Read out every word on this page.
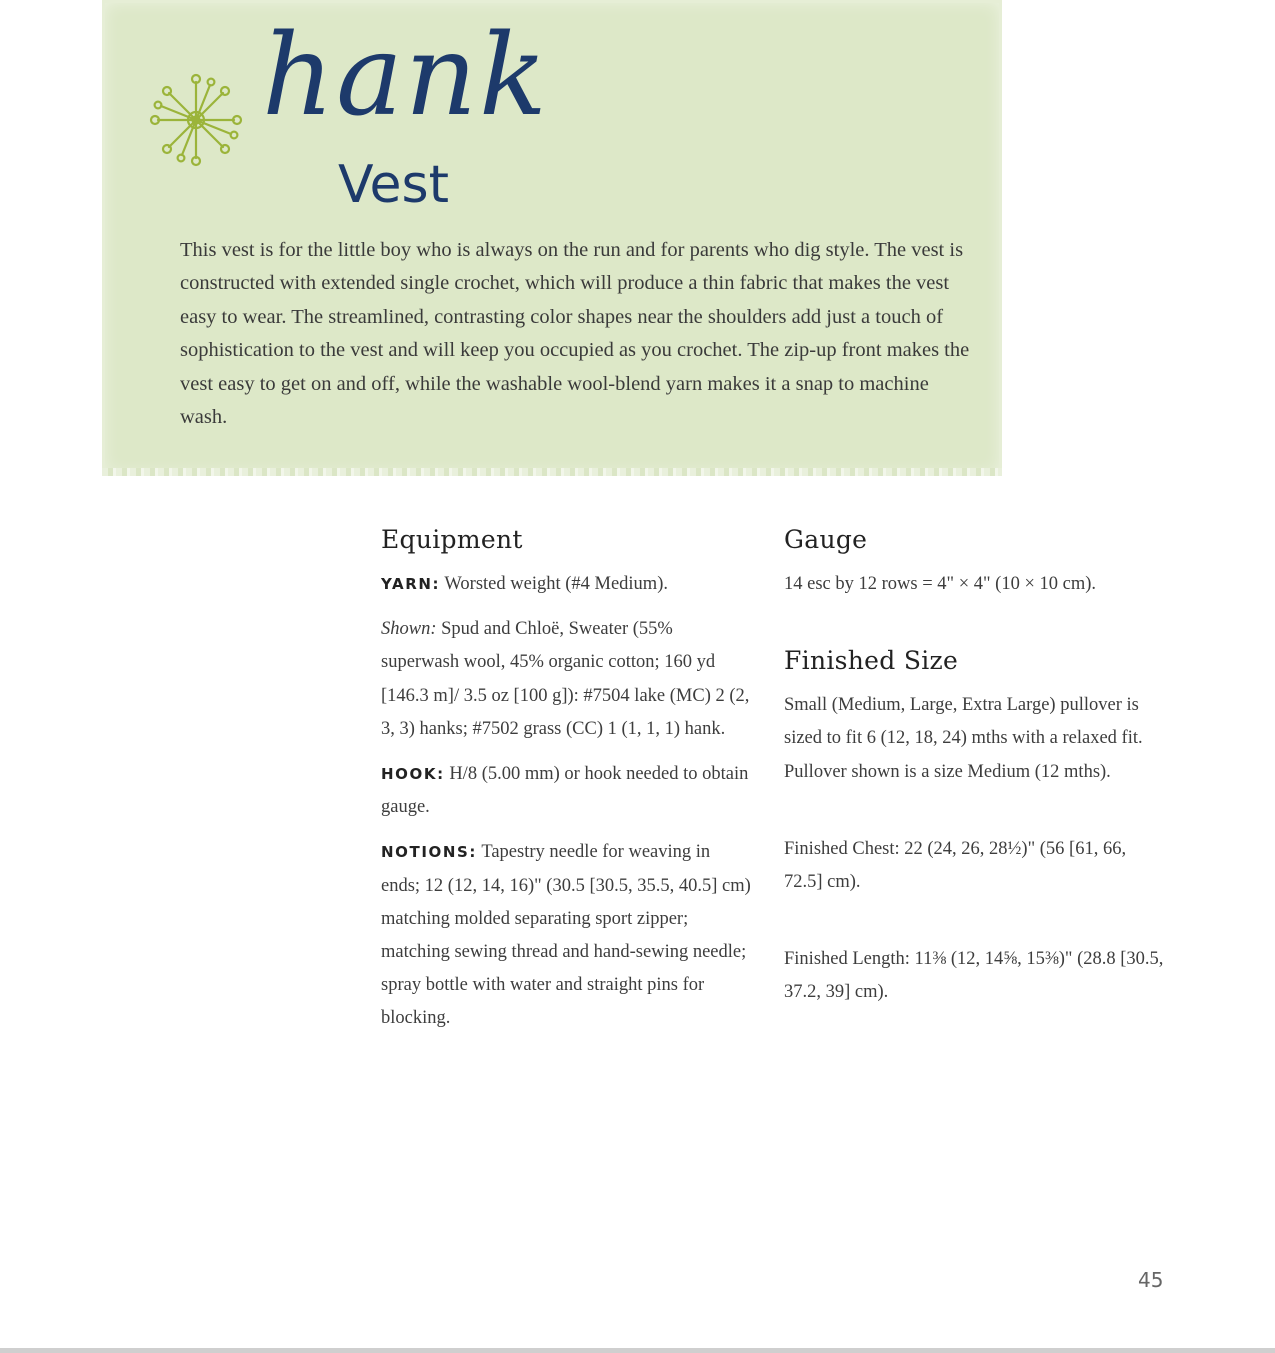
hank
Vest

This vest is for the little boy who is always on the run and for parents who dig style. The vest is constructed with extended single crochet, which will produce a thin fabric that makes the vest easy to wear. The streamlined, contrasting color shapes near the shoulders add just a touch of sophistication to the vest and will keep you occupied as you crochet. The zip-up front makes the vest easy to get on and off, while the washable wool-blend yarn makes it a snap to machine wash.

Equipment

YARN: Worsted weight (#4 Medium).

Shown: Spud and Chloë, Sweater (55% superwash wool, 45% organic cotton; 160 yd [146.3 m]/ 3.5 oz [100 g]): #7504 lake (MC) 2 (2, 3, 3) hanks; #7502 grass (CC) 1 (1, 1, 1) hank.

HOOK: H/8 (5.00 mm) or hook needed to obtain gauge.

NOTIONS: Tapestry needle for weaving in ends; 12 (12, 14, 16)" (30.5 [30.5, 35.5, 40.5] cm) matching molded separating sport zipper; matching sewing thread and hand-sewing needle; spray bottle with water and straight pins for blocking.

Gauge

14 esc by 12 rows = 4" × 4" (10 × 10 cm).

Finished Size

Small (Medium, Large, Extra Large) pullover is sized to fit 6 (12, 18, 24) mths with a relaxed fit. Pullover shown is a size Medium (12 mths).

Finished Chest: 22 (24, 26, 28½)" (56 [61, 66, 72.5] cm).

Finished Length: 11⅜ (12, 14⅝, 15⅜)" (28.8 [30.5, 37.2, 39] cm).

45
